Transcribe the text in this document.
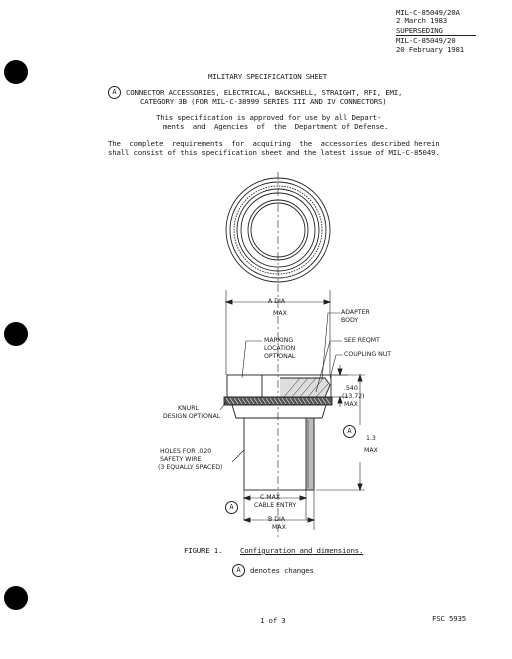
MIL-C-85049/20A
2 March 1983
SUPERSEDING
MIL-C-85049/20
20 February 1981
MILITARY SPECIFICATION SHEET
A	CONNECTOR ACCESSORIES, ELECTRICAL, BACKSHELL, STRAIGHT, RFI, EMI,
CATEGORY 3B (FOR MIL-C-38999 SERIES III AND IV CONNECTORS)
This specification is approved for use by all Depart-
ments  and  Agencies  of  the  Department of Defense.
The  complete  requirements  for  acquiring  the  accessories described herein
shall consist of this specification sheet and the latest issue of MIL-C-85049.
A DIA
MAX	ADAPTER
BODY
SEE REQMT
MARKING
LOCATION
OPTIONAL	COUPLING NUT
.540
(13.72)
MAX
KNURL
DESIGN OPTIONAL
A
1.3
MAX
HOLES FOR .020
SAFETY WIRE
(3 EQUALLY SPACED)
C MAX
CABLE ENTRY
A
B DIA
MAX
FIGURE 1. Configuration and dimensions.
A	denotes changes
1 of 3	FSC 5935
